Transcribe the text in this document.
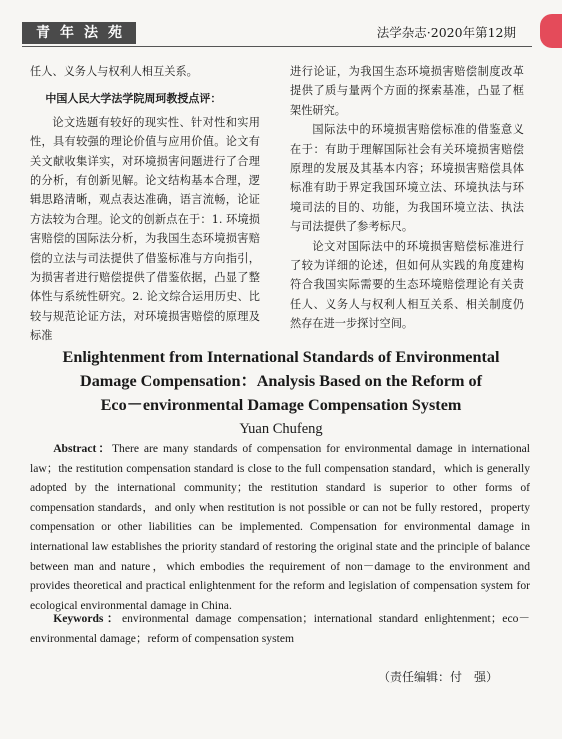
青年法苑	法学杂志·2020年第12期

任人、义务人与权利人相互关系。

中国人民大学法学院周珂教授点评：

论文选题有较好的现实性、针对性和实用性，具有较强的理论价值与应用价值。论文有关文献收集详实，对环境损害问题进行了合理的分析，有创新见解。论文结构基本合理，逻辑思路清晰，观点表达准确，语言流畅，论证方法较为合理。论文的创新点在于：1. 环境损害赔偿的国际法分析，为我国生态环境损害赔偿的立法与司法提供了借鉴标准与方向指引，为损害者进行赔偿提供了借鉴依据，凸显了整体性与系统性研究。2. 论文综合运用历史、比较与规范论证方法，对环境损害赔偿的原理及标准

进行论证，为我国生态环境损害赔偿制度改革提供了质与量两个方面的探索基准，凸显了框架性研究。

国际法中的环境损害赔偿标准的借鉴意义在于：有助于理解国际社会有关环境损害赔偿原理的发展及其基本内容；环境损害赔偿具体标准有助于界定我国环境立法、环境执法与环境司法的目的、功能，为我国环境立法、执法与司法提供了参考标尺。

论文对国际法中的环境损害赔偿标准进行了较为详细的论述，但如何从实践的角度建构符合我国实际需要的生态环境赔偿理论有关责任人、义务人与权利人相互关系、相关制度仍然存在进一步探讨空间。

Enlightenment from International Standards of Environmental
Damage Compensation：Analysis Based on the Reform of
Eco－environmental Damage Compensation System
Yuan Chufeng
Abstract：There are many standards of compensation for environmental damage in international law；the restitution compensation standard is close to the full compensation standard，which is generally adopted by the international community；the restitution standard is superior to other forms of compensation standards，and only when restitution is not possible or can not be fully restored，property compensation or other liabilities can be implemented. Compensation for environmental damage in international law establishes the priority standard of restoring the original state and the principle of balance between man and nature，which embodies the requirement of non－damage to the environment and provides theoretical and practical enlightenment for the reform and legislation of compensation system for ecological environmental damage in China.
Keywords：environmental damage compensation；international standard enlightenment；eco－environmental damage；reform of compensation system
（责任编辑：付　强）
